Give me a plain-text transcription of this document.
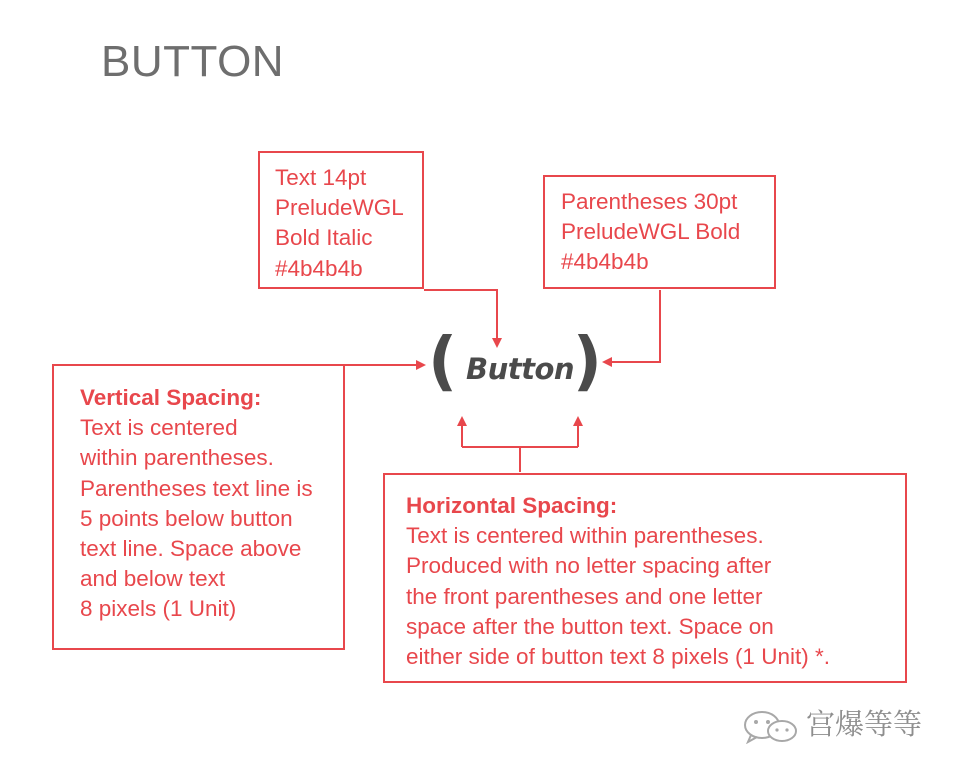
BUTTON
Text 14pt
PreludeWGL
Bold Italic
#4b4b4b
Parentheses 30pt
PreludeWGL Bold
#4b4b4b
Vertical Spacing:
Text is centered
within parentheses.
Parentheses text line is
5 points below button
text line. Space above
and below text
8 pixels (1 Unit)
Horizontal Spacing:
Text is centered within parentheses.
Produced with no letter spacing after
the front parentheses and one letter
space after the button text. Space on
either side of button text 8 pixels (1 Unit) *.
( Button
)
宫爆等等
